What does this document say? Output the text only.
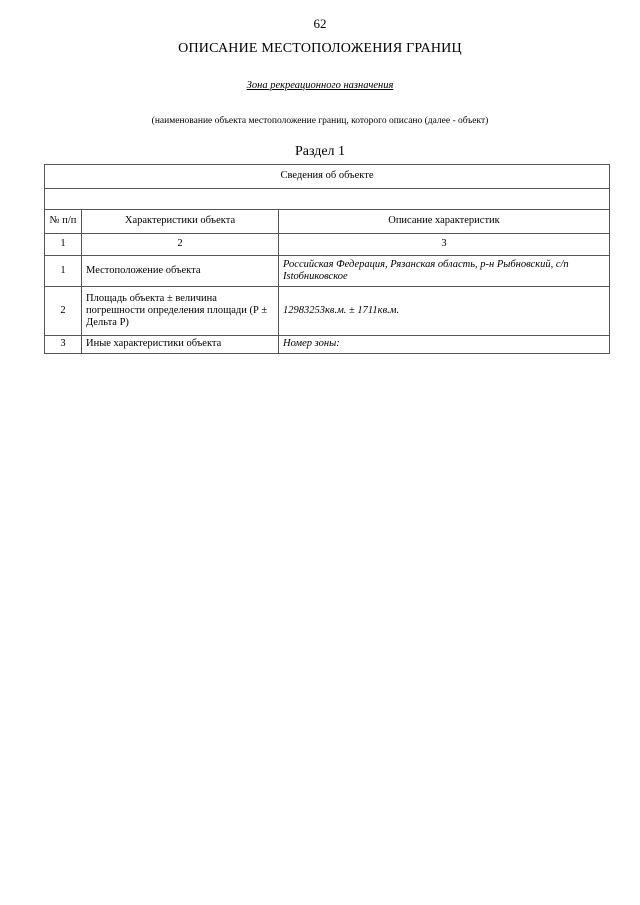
62
ОПИСАНИЕ МЕСТОПОЛОЖЕНИЯ ГРАНИЦ
Зона рекреационного назначения
(наименование объекта местоположение границ, которого описано (далее - объект)
Раздел 1
Сведения об объекте		

№ п/п	Характеристики объекта	Описание характеристик
1	2	3
1	Местоположение объекта	Российская Федерация, Рязанская область, р-н Рыбновский, с/п Istобниковское
2	Площадь объекта ± величина погрешности определения площади (Р ± Дельта Р)	12983253кв.м. ± 1711кв.м.
3	Иные характеристики объекта	Номер зоны:
